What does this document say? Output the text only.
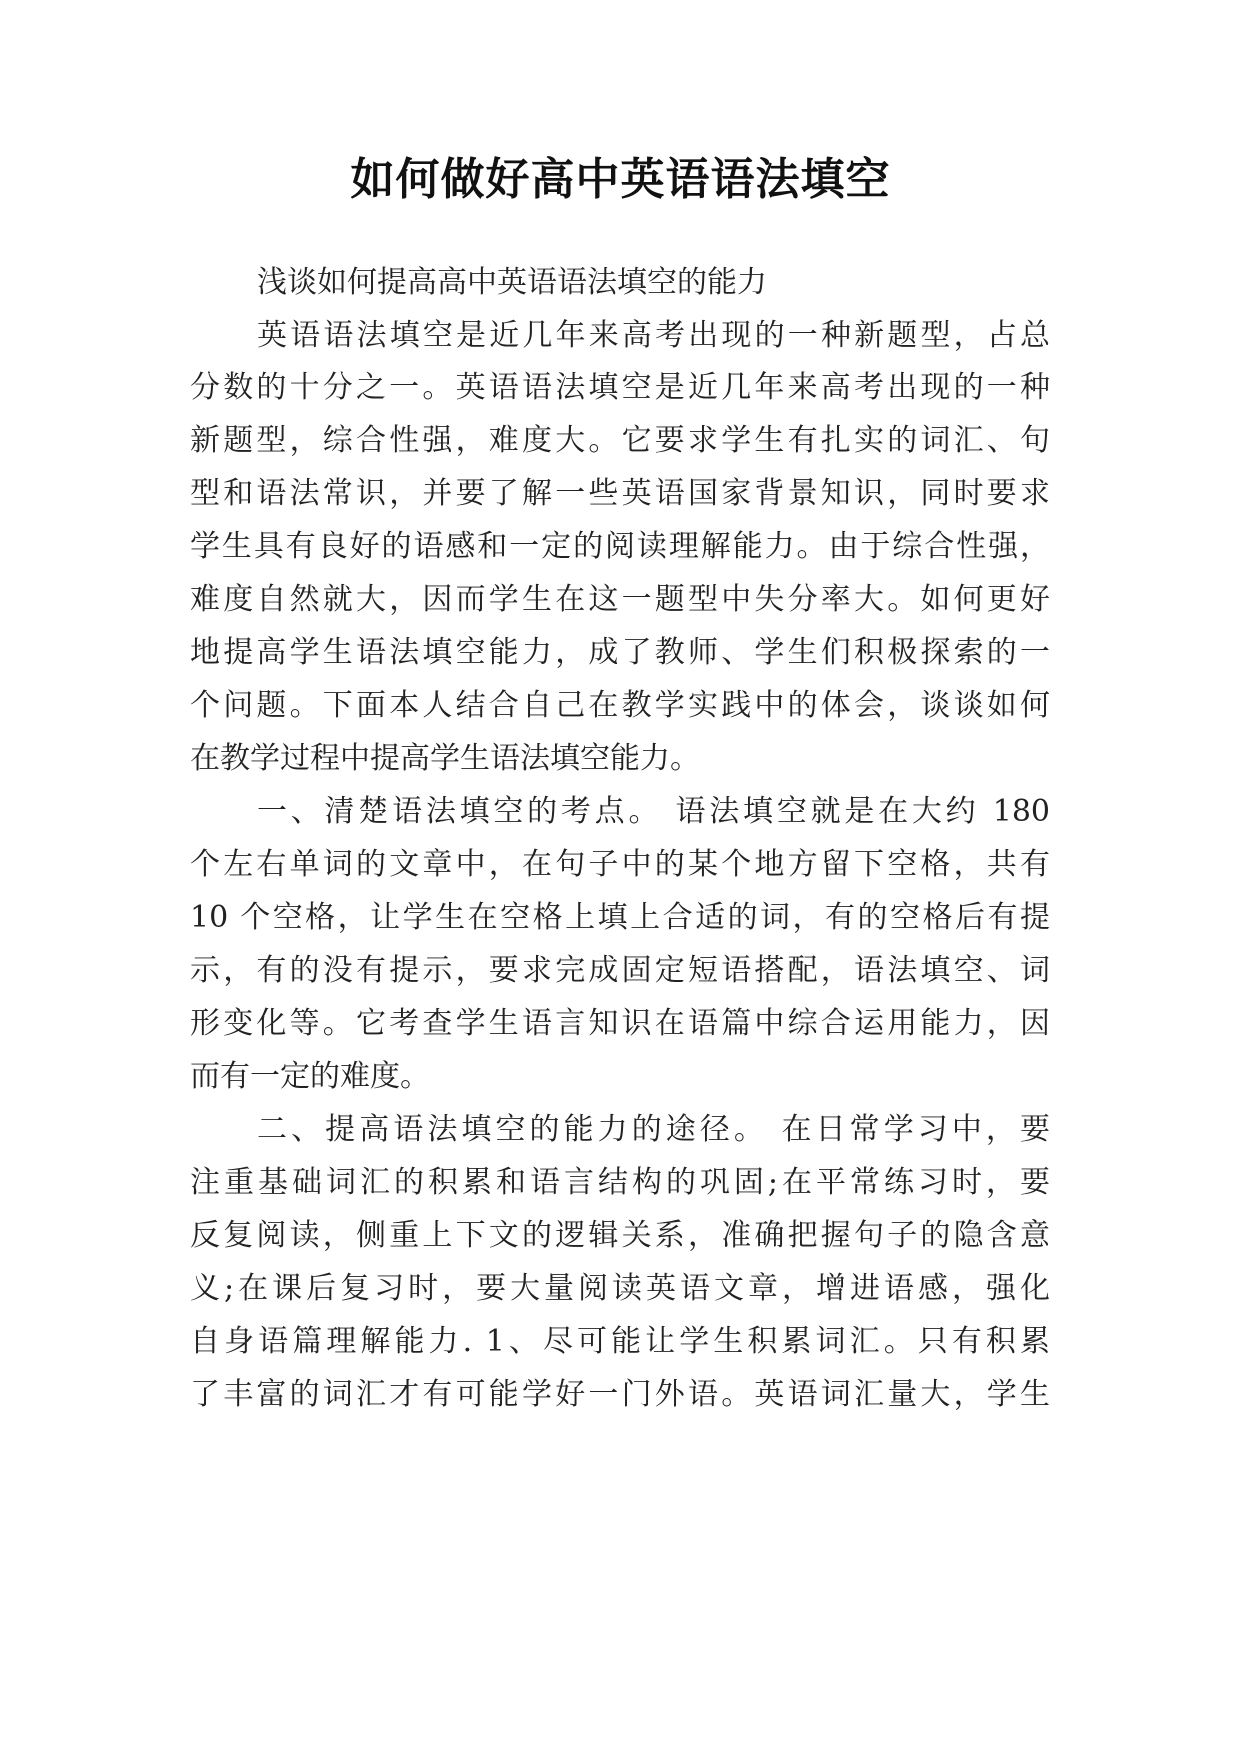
如何做好高中英语语法填空
浅谈如何提高高中英语语法填空的能力
英语语法填空是近几年来高考出现的一种新题型，占总
分数的十分之一。英语语法填空是近几年来高考出现的一种
新题型，综合性强，难度大。它要求学生有扎实的词汇、句
型和语法常识，并要了解一些英语国家背景知识，同时要求
学生具有良好的语感和一定的阅读理解能力。由于综合性强，
难度自然就大，因而学生在这一题型中失分率大。如何更好
地提高学生语法填空能力，成了教师、学生们积极探索的一
个问题。下面本人结合自己在教学实践中的体会，谈谈如何
在教学过程中提高学生语法填空能力。
一、清楚语法填空的考点。 语法填空就是在大约 180
个左右单词的文章中，在句子中的某个地方留下空格，共有
10 个空格，让学生在空格上填上合适的词，有的空格后有提
示，有的没有提示，要求完成固定短语搭配，语法填空、词
形变化等。它考查学生语言知识在语篇中综合运用能力，因
而有一定的难度。
二、提高语法填空的能力的途径。 在日常学习中，要
注重基础词汇的积累和语言结构的巩固;在平常练习时，要
反复阅读，侧重上下文的逻辑关系，准确把握句子的隐含意
义;在课后复习时，要大量阅读英语文章，增进语感，强化
自身语篇理解能力. 1、尽可能让学生积累词汇。只有积累
了丰富的词汇才有可能学好一门外语。英语词汇量大，学生
